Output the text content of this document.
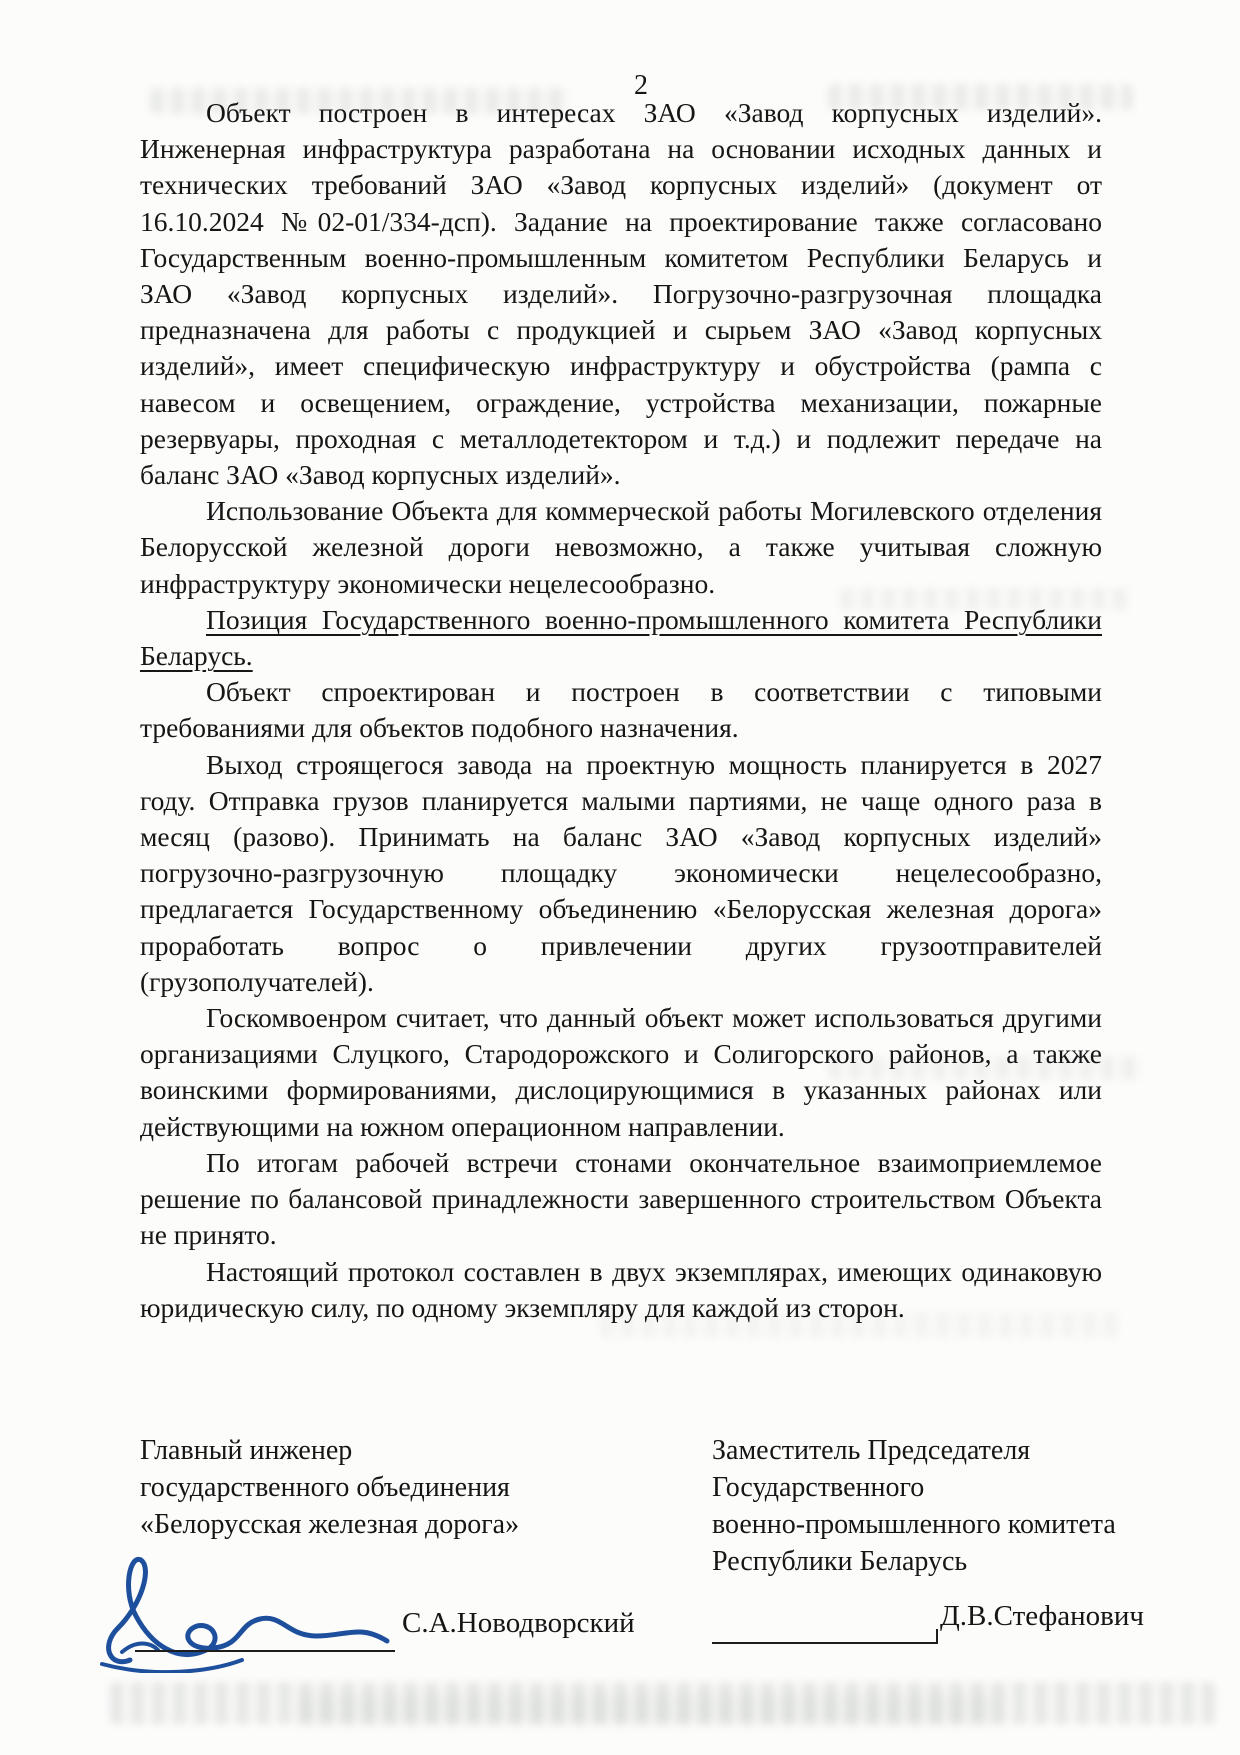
2

Объект построен в интересах ЗАО «Завод корпусных изделий». Инженерная инфраструктура разработана на основании исходных данных и технических требований ЗАО «Завод корпусных изделий» (документ от 16.10.2024 №02-01/334-дсп). Задание на проектирование также согласовано Государственным военно-промышленным комитетом Республики Беларусь и ЗАО «Завод корпусных изделий». Погрузочно-разгрузочная площадка предназначена для работы с продукцией и сырьем ЗАО «Завод корпусных изделий», имеет специфическую инфраструктуру и обустройства (рампа с навесом и освещением, ограждение, устройства механизации, пожарные резервуары, проходная с металлодетектором и т.д.) и подлежит передаче на баланс ЗАО «Завод корпусных изделий».

Использование Объекта для коммерческой работы Могилевского отделения Белорусской железной дороги невозможно, а также учитывая сложную инфраструктуру экономически нецелесообразно.

Позиция Государственного военно-промышленного комитета Республики Беларусь.

Объект спроектирован и построен в соответствии с типовыми требованиями для объектов подобного назначения.

Выход строящегося завода на проектную мощность планируется в 2027 году. Отправка грузов планируется малыми партиями, не чаще одного раза в месяц (разово). Принимать на баланс ЗАО «Завод корпусных изделий» погрузочно-разгрузочную площадку экономически нецелесообразно, предлагается Государственному объединению «Белорусская железная дорога» проработать вопрос о привлечении других грузоотправителей (грузополучателей).

Госкомвоенром считает, что данный объект может использоваться другими организациями Слуцкого, Стародорожского и Солигорского районов, а также воинскими формированиями, дислоцирующимися в указанных районах или действующими на южном операционном направлении.

По итогам рабочей встречи стонами окончательное взаимоприемлемое решение по балансовой принадлежности завершенного строительством Объекта не принято.

Настоящий протокол составлен в двух экземплярах, имеющих одинаковую юридическую силу, по одному экземпляру для каждой из сторон.

Главный инженер
государственного объединения
«Белорусская железная дорога»
Заместитель Председателя
Государственного
военно-промышленного комитета
Республики Беларусь
С.А.Новодворский	Д.В.Стефанович
